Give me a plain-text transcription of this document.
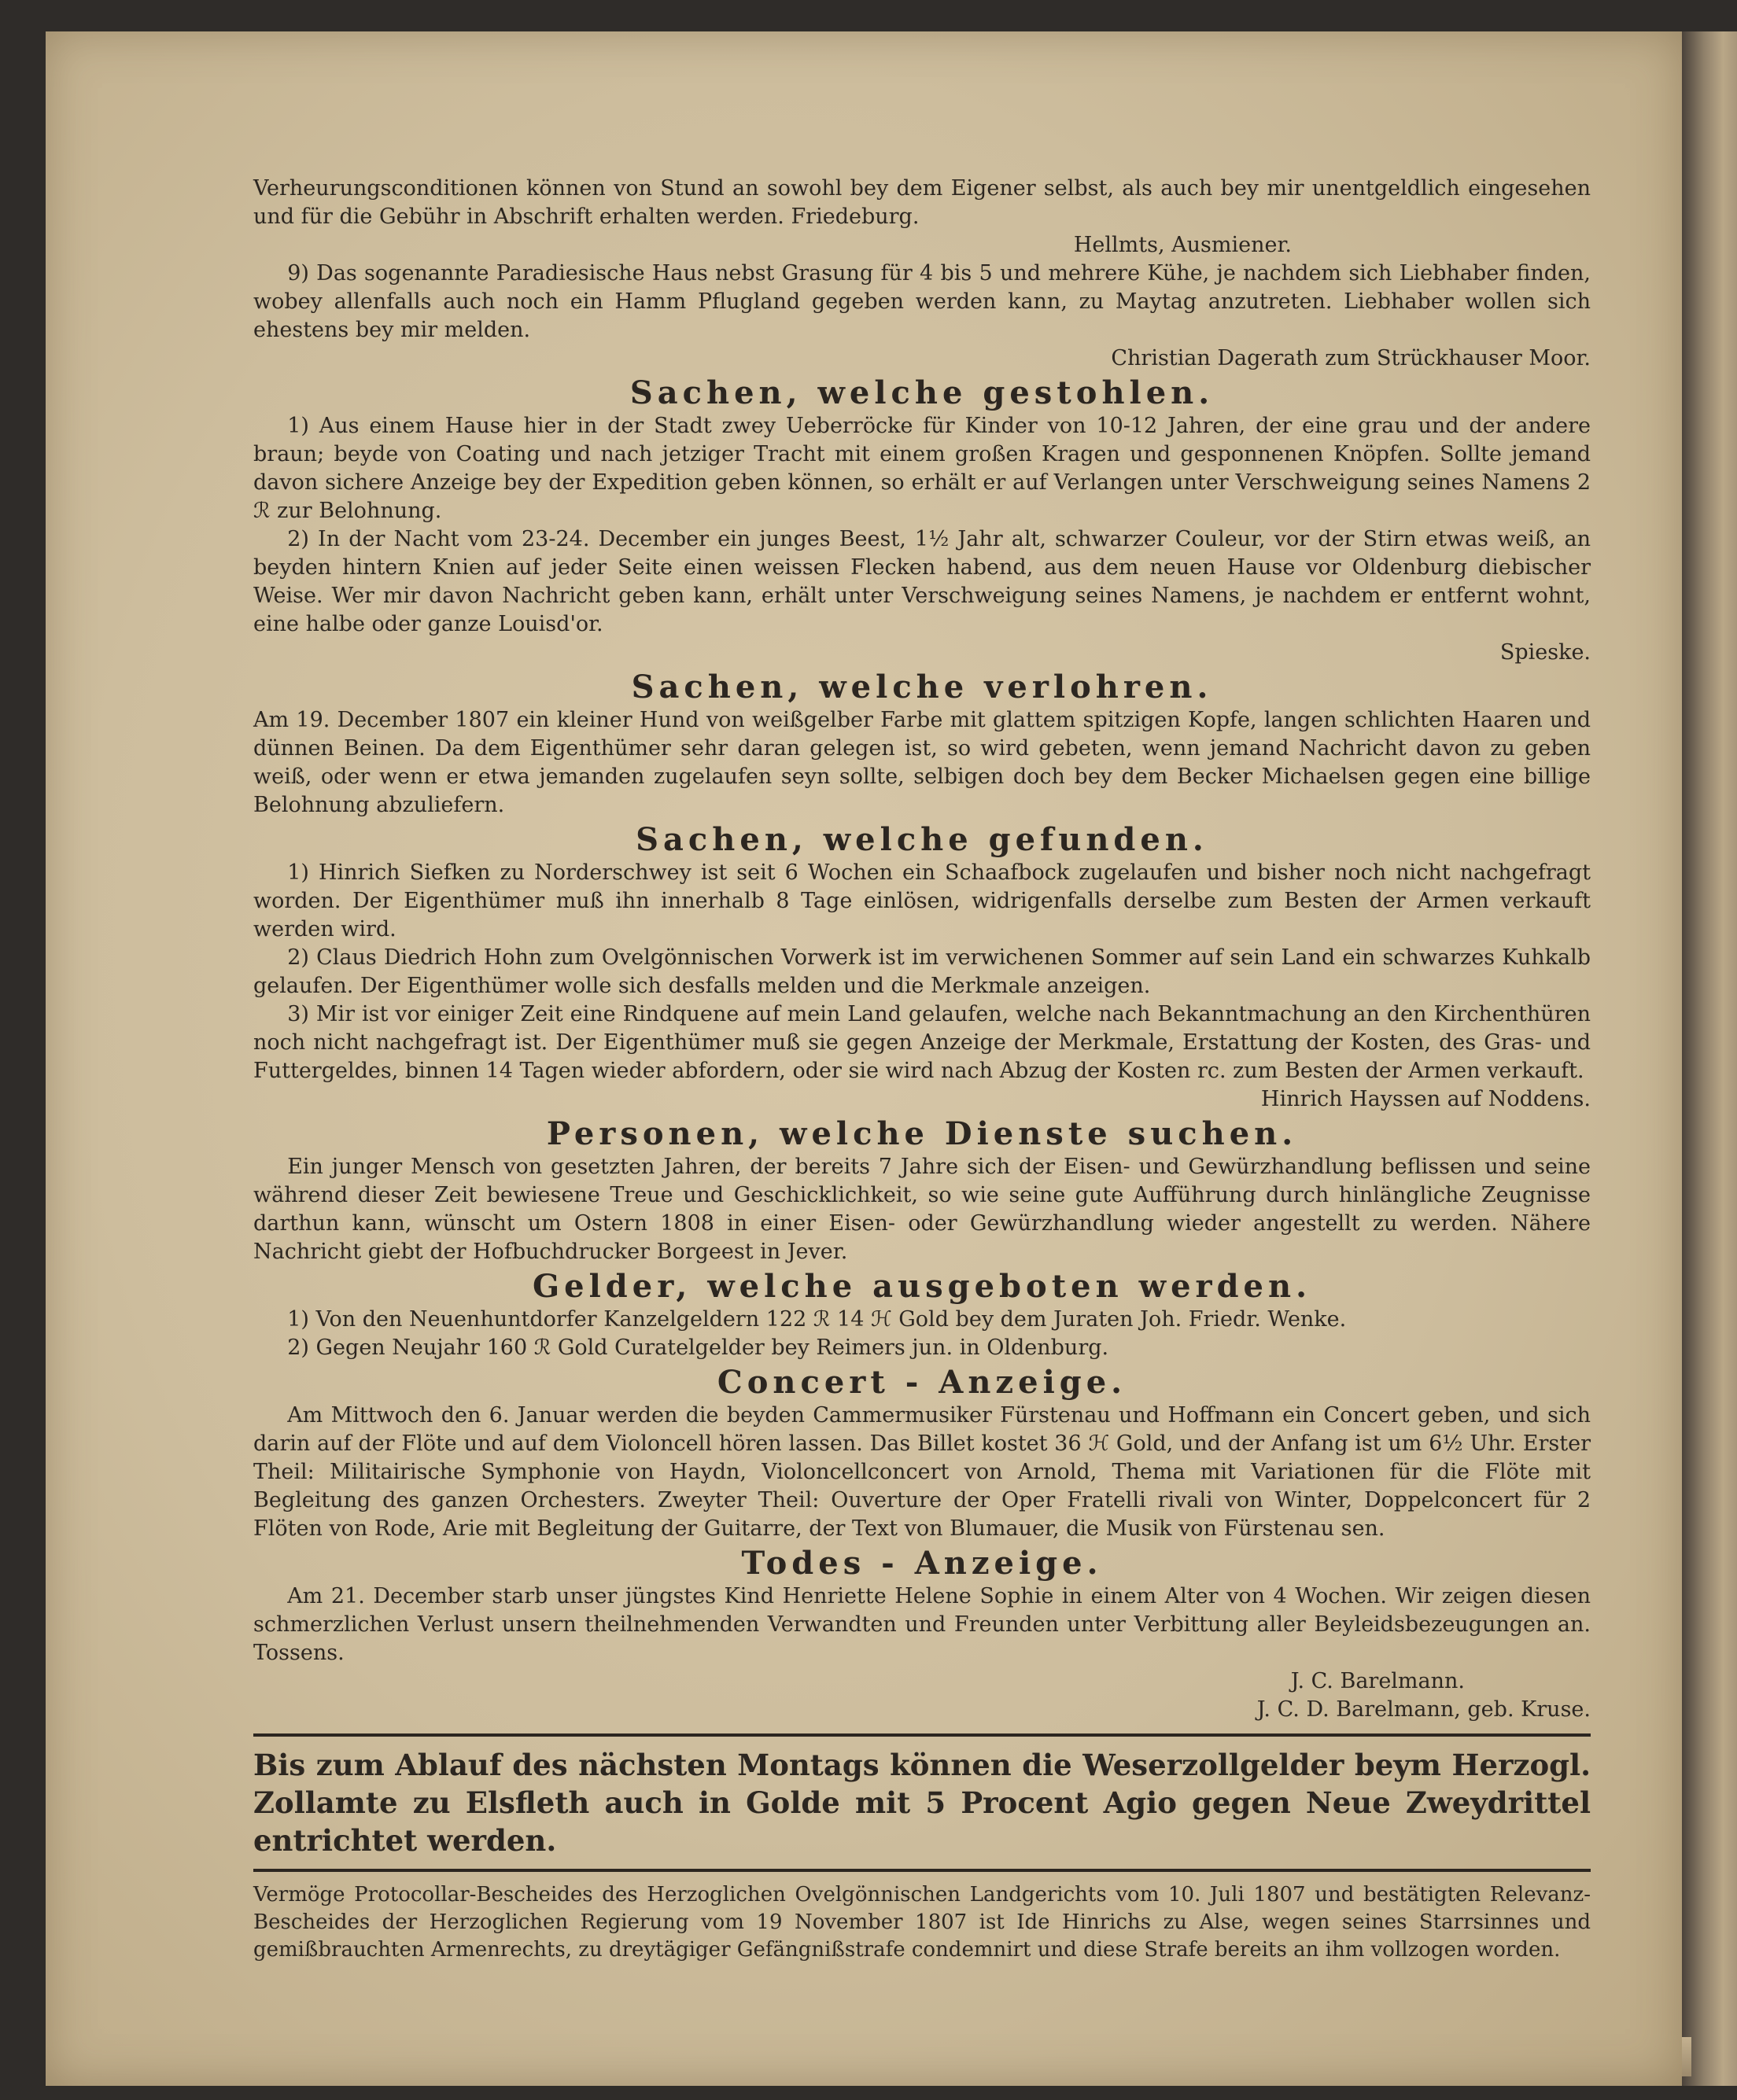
Verheurungsconditionen können von Stund an sowohl bey dem Eigener selbst, als auch bey mir unentgeldlich eingesehen und für die Gebühr in Abschrift erhalten werden. Friedeburg.

Hellmts, Ausmiener.

9) Das sogenannte Paradiesische Haus nebst Grasung für 4 bis 5 und mehrere Kühe, je nachdem sich Liebhaber finden, wobey allenfalls auch noch ein Hamm Pflugland gegeben werden kann, zu Maytag anzutreten. Liebhaber wollen sich ehestens bey mir melden.

Christian Dagerath zum Strückhauser Moor.

Sachen, welche gestohlen.

1) Aus einem Hause hier in der Stadt zwey Ueberröcke für Kinder von 10-12 Jahren, der eine grau und der andere braun; beyde von Coating und nach jetziger Tracht mit einem großen Kragen und gesponnenen Knöpfen. Sollte jemand davon sichere Anzeige bey der Expedition geben können, so erhält er auf Verlangen unter Verschweigung seines Namens 2 ℛ zur Belohnung.

2) In der Nacht vom 23-24. December ein junges Beest, 1½ Jahr alt, schwarzer Couleur, vor der Stirn etwas weiß, an beyden hintern Knien auf jeder Seite einen weissen Flecken habend, aus dem neuen Hause vor Oldenburg diebischer Weise. Wer mir davon Nachricht geben kann, erhält unter Verschweigung seines Namens, je nachdem er entfernt wohnt, eine halbe oder ganze Louisd'or.

Spieske.

Sachen, welche verlohren.

Am 19. December 1807 ein kleiner Hund von weißgelber Farbe mit glattem spitzigen Kopfe, langen schlichten Haaren und dünnen Beinen. Da dem Eigenthümer sehr daran gelegen ist, so wird gebeten, wenn jemand Nachricht davon zu geben weiß, oder wenn er etwa jemanden zugelaufen seyn sollte, selbigen doch bey dem Becker Michaelsen gegen eine billige Belohnung abzuliefern.

Sachen, welche gefunden.

1) Hinrich Siefken zu Norderschwey ist seit 6 Wochen ein Schaafbock zugelaufen und bisher noch nicht nachgefragt worden. Der Eigenthümer muß ihn innerhalb 8 Tage einlösen, widrigenfalls derselbe zum Besten der Armen verkauft werden wird.

2) Claus Diedrich Hohn zum Ovelgönnischen Vorwerk ist im verwichenen Sommer auf sein Land ein schwarzes Kuhkalb gelaufen. Der Eigenthümer wolle sich desfalls melden und die Merkmale anzeigen.

3) Mir ist vor einiger Zeit eine Rindquene auf mein Land gelaufen, welche nach Bekanntmachung an den Kirchenthüren noch nicht nachgefragt ist. Der Eigenthümer muß sie gegen Anzeige der Merkmale, Erstattung der Kosten, des Gras- und Futtergeldes, binnen 14 Tagen wieder abfordern, oder sie wird nach Abzug der Kosten rc. zum Besten der Armen verkauft.

Hinrich Hayssen auf Noddens.

Personen, welche Dienste suchen.

Ein junger Mensch von gesetzten Jahren, der bereits 7 Jahre sich der Eisen- und Gewürzhandlung beflissen und seine während dieser Zeit bewiesene Treue und Geschicklichkeit, so wie seine gute Aufführung durch hinlängliche Zeugnisse darthun kann, wünscht um Ostern 1808 in einer Eisen- oder Gewürzhandlung wieder angestellt zu werden. Nähere Nachricht giebt der Hofbuchdrucker Borgeest in Jever.

Gelder, welche ausgeboten werden.

1) Von den Neuenhuntdorfer Kanzelgeldern 122 ℛ 14 ℋ Gold bey dem Juraten Joh. Friedr. Wenke.

2) Gegen Neujahr 160 ℛ Gold Curatelgelder bey Reimers jun. in Oldenburg.

Concert - Anzeige.

Am Mittwoch den 6. Januar werden die beyden Cammermusiker Fürstenau und Hoffmann ein Concert geben, und sich darin auf der Flöte und auf dem Violoncell hören lassen. Das Billet kostet 36 ℋ Gold, und der Anfang ist um 6½ Uhr. Erster Theil: Militairische Symphonie von Haydn, Violoncellconcert von Arnold, Thema mit Variationen für die Flöte mit Begleitung des ganzen Orchesters. Zweyter Theil: Ouverture der Oper Fratelli rivali von Winter, Doppelconcert für 2 Flöten von Rode, Arie mit Begleitung der Guitarre, der Text von Blumauer, die Musik von Fürstenau sen.

Todes - Anzeige.

Am 21. December starb unser jüngstes Kind Henriette Helene Sophie in einem Alter von 4 Wochen. Wir zeigen diesen schmerzlichen Verlust unsern theilnehmenden Verwandten und Freunden unter Verbittung aller Beyleidsbezeugungen an. Tossens.

J. C. Barelmann.

J. C. D. Barelmann, geb. Kruse.

Bis zum Ablauf des nächsten Montags können die Weserzollgelder beym Herzogl. Zollamte zu Elsfleth auch in Golde mit 5 Procent Agio gegen Neue Zweydrittel entrichtet werden.

Vermöge Protocollar-Bescheides des Herzoglichen Ovelgönnischen Landgerichts vom 10. Juli 1807 und bestätigten Relevanz-Bescheides der Herzoglichen Regierung vom 19 November 1807 ist Ide Hinrichs zu Alse, wegen seines Starrsinnes und gemißbrauchten Armenrechts, zu dreytägiger Gefängnißstrafe condemnirt und diese Strafe bereits an ihm vollzogen worden.
